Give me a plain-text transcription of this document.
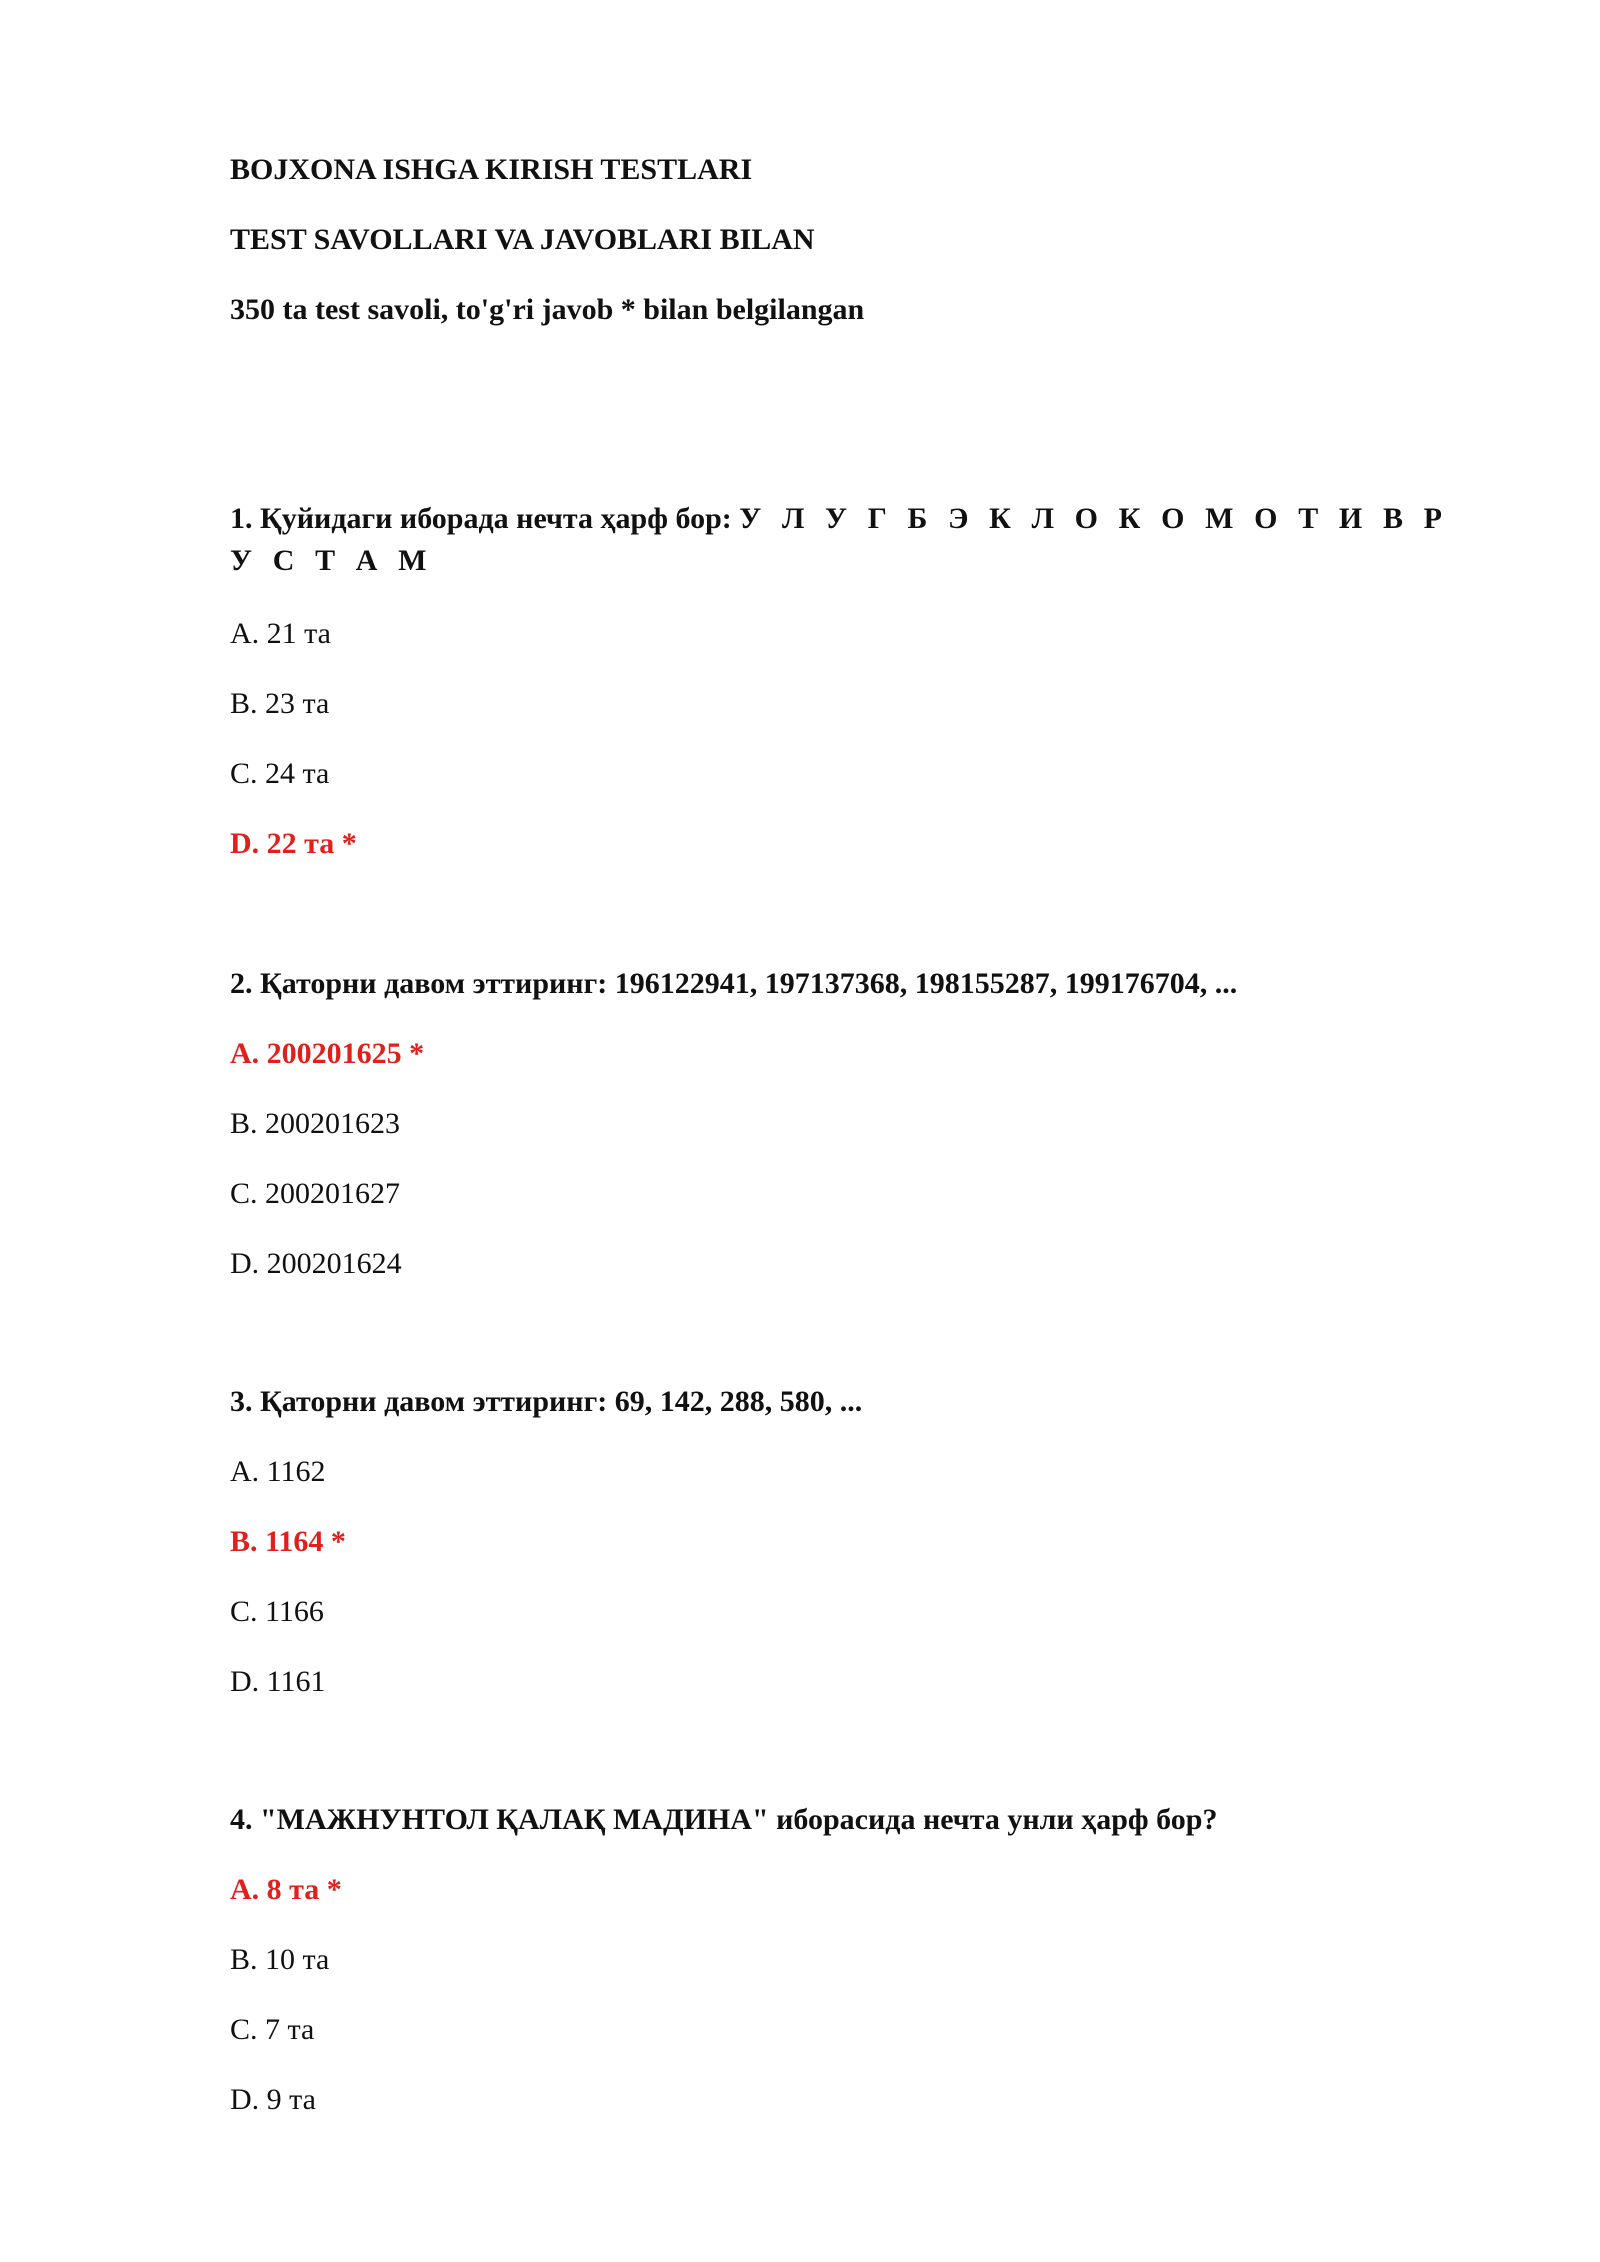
BOJXONA ISHGA KIRISH TESTLARI
TEST SAVOLLARI VA JAVOBLARI BILAN
350 ta test savoli, to'g'ri javob * bilan belgilangan
1. Қуйидаги иборада нечта ҳарф бор: У Л У Г Б Э К Л О К О М О Т И В Р У С Т А М
A. 21 та
B. 23 та
C. 24 та
D. 22 та *
2. Қаторни давом эттиринг: 196122941, 197137368, 198155287, 199176704, ...
A. 200201625 *
B. 200201623
C. 200201627
D. 200201624
3. Қаторни давом эттиринг: 69, 142, 288, 580, ...
A. 1162
B. 1164 *
C. 1166
D. 1161
4. "МАЖНУНТОЛ ҚАЛАҚ МАДИНА" иборасида нечта унли ҳарф бор?
A. 8 та *
B. 10 та
C. 7 та
D. 9 та
